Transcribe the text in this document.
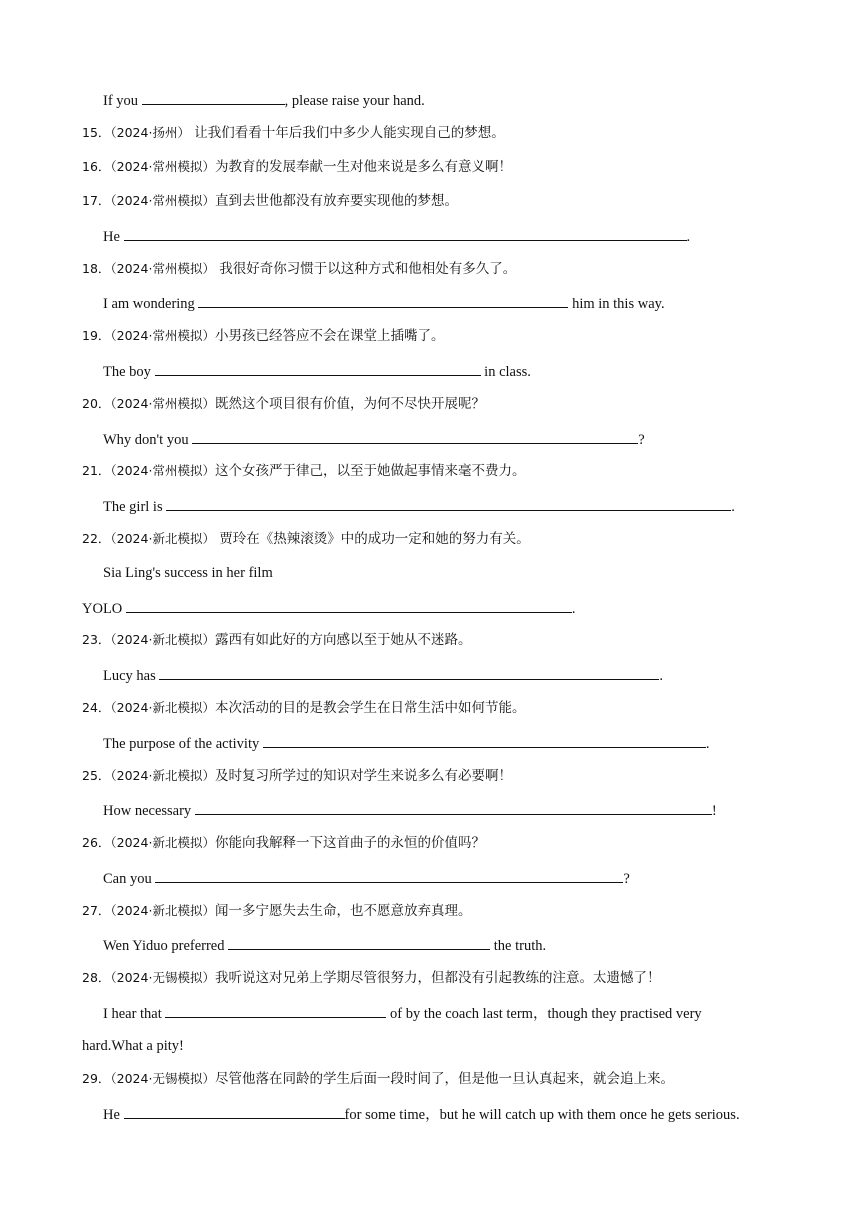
If you	, please raise your hand.
15．（2024·扬州） 让我们看看十年后我们中多少人能实现自己的梦想。
16．（2024·常州模拟）为教育的发展奉献一生对他来说是多么有意义啊！
17．（2024·常州模拟）直到去世他都没有放弃要实现他的梦想。
He	.
18．（2024·常州模拟） 我很好奇你习惯于以这种方式和他相处有多久了。
I am wondering	him in this way.
19．（2024·常州模拟）小男孩已经答应不会在课堂上插嘴了。
The boy	in class.
20．（2024·常州模拟）既然这个项目很有价值，为何不尽快开展呢？
Why don't you	?
21．（2024·常州模拟）这个女孩严于律己，以至于她做起事情来毫不费力。
The girl is	.
22．（2024·新北模拟） 贾玲在《热辣滚烫》中的成功一定和她的努力有关。
Sia Ling's success in her film
YOLO	.
23．（2024·新北模拟）露西有如此好的方向感以至于她从不迷路。
Lucy has	.
24．（2024·新北模拟）本次活动的目的是教会学生在日常生活中如何节能。
The purpose of the activity	.
25．（2024·新北模拟）及时复习所学过的知识对学生来说多么有必要啊！
How necessary	!
26．（2024·新北模拟）你能向我解释一下这首曲子的永恒的价值吗？
Can you	?
27．（2024·新北模拟）闻一多宁愿失去生命，也不愿意放弃真理。
Wen Yiduo preferred	the truth.
28．（2024·无锡模拟）我听说这对兄弟上学期尽管很努力，但都没有引起教练的注意。太遗憾了！
I hear that	of by the coach last term，though they practised very
hard.What a pity!
29．（2024·无锡模拟）尽管他落在同龄的学生后面一段时间了，但是他一旦认真起来，就会追上来。
He	for some time，but he will catch up with them once he gets serious.
